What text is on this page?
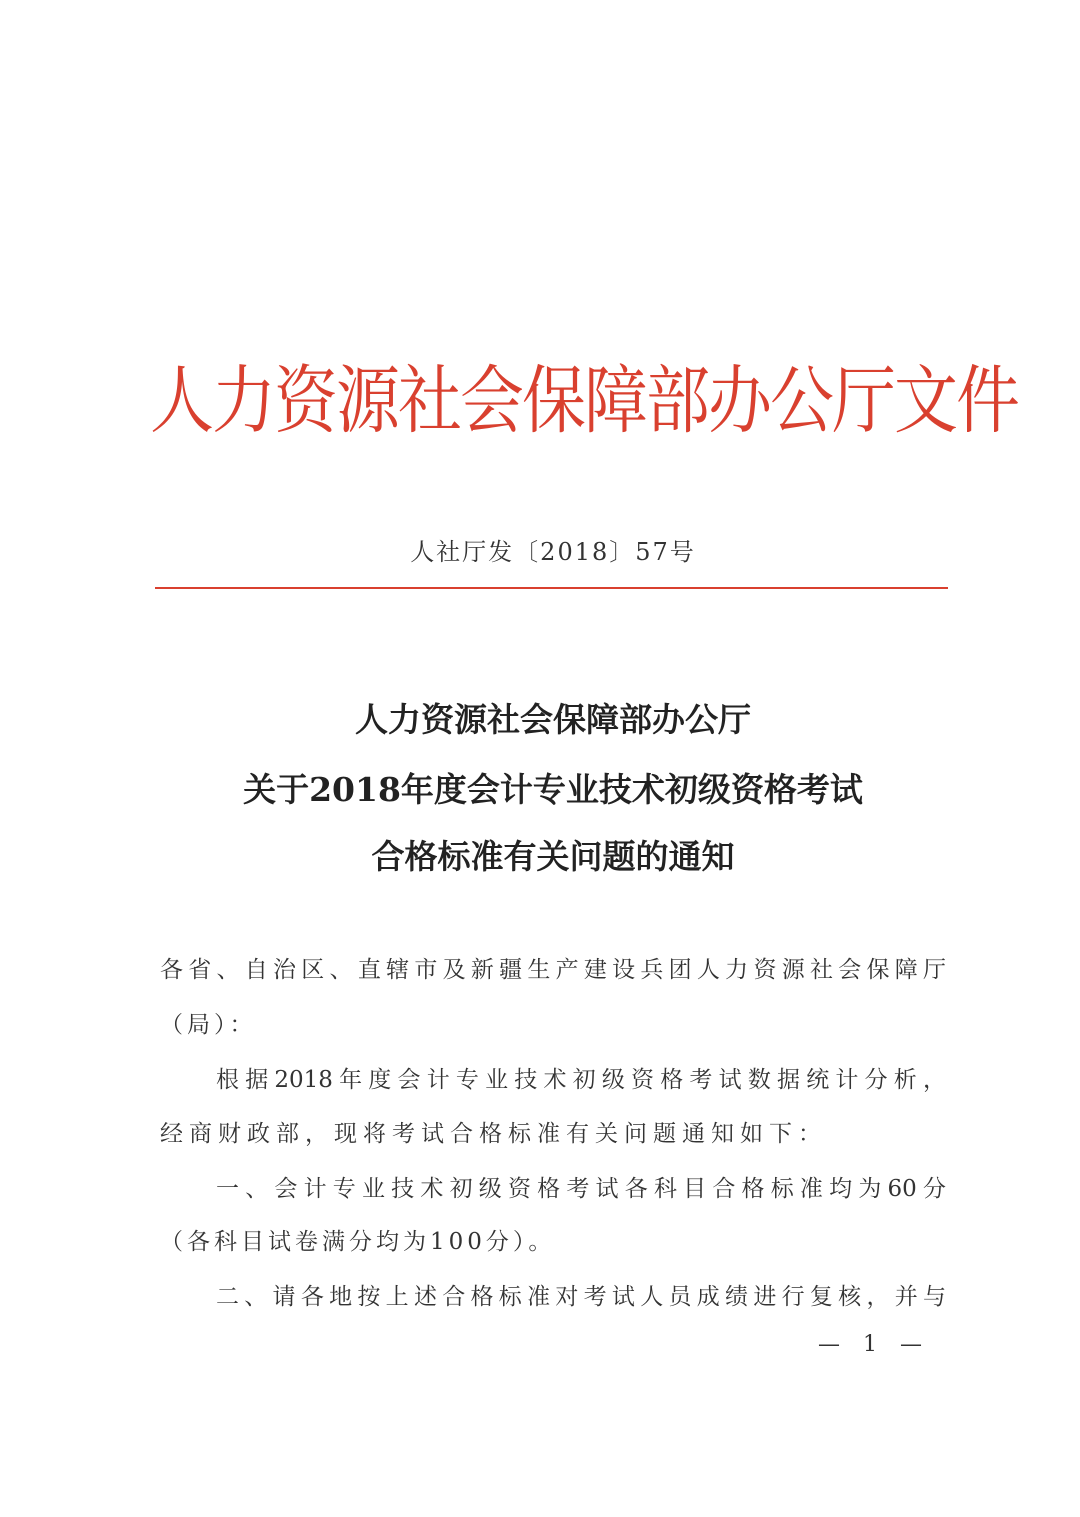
人力资源社会保障部办公厅文件
人社厅发〔2018〕57号
人力资源社会保障部办公厅
关于2018年度会计专业技术初级资格考试
合格标准有关问题的通知
各省、自治区、直辖市及新疆生产建设兵团人力资源社会保障厅
（局）：
根据2018年度会计专业技术初级资格考试数据统计分析，
经商财政部，现将考试合格标准有关问题通知如下：
一、会计专业技术初级资格考试各科目合格标准均为60分
（各科目试卷满分均为100分）。
二、请各地按上述合格标准对考试人员成绩进行复核，并与
— 1 —
